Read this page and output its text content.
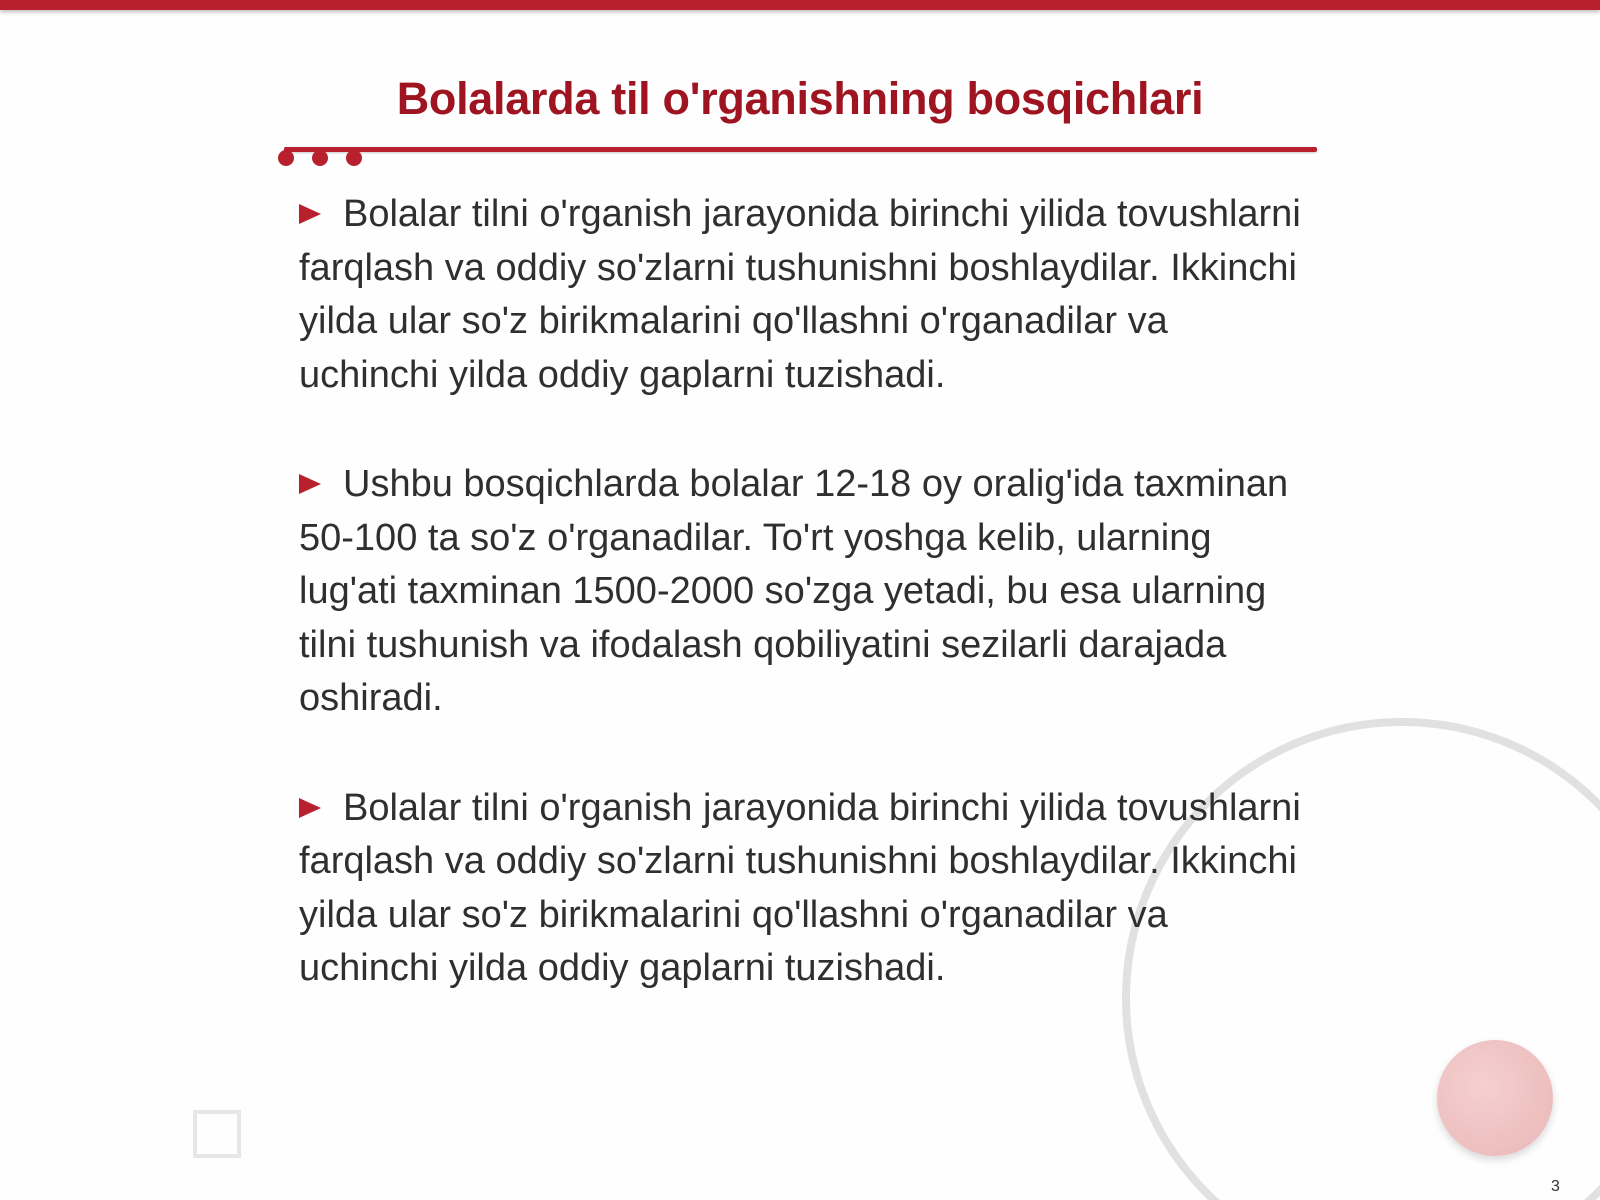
Bolalarda til o'rganishning bosqichlari

Bolalar tilni o'rganish jarayonida birinchi yilida tovushlarni farqlash va oddiy so'zlarni tushunishni boshlaydilar. Ikkinchi yilda ular so'z birikmalarini qo'llashni o'rganadilar va uchinchi yilda oddiy gaplarni tuzishadi.

Ushbu bosqichlarda bolalar 12-18 oy oralig'ida taxminan 50-100 ta so'z o'rganadilar. To'rt yoshga kelib, ularning lug'ati taxminan 1500-2000 so'zga yetadi, bu esa ularning tilni tushunish va ifodalash qobiliyatini sezilarli darajada oshiradi.

Bolalar tilni o'rganish jarayonida birinchi yilida tovushlarni farqlash va oddiy so'zlarni tushunishni boshlaydilar. Ikkinchi yilda ular so'z birikmalarini qo'llashni o'rganadilar va uchinchi yilda oddiy gaplarni tuzishadi.

3
